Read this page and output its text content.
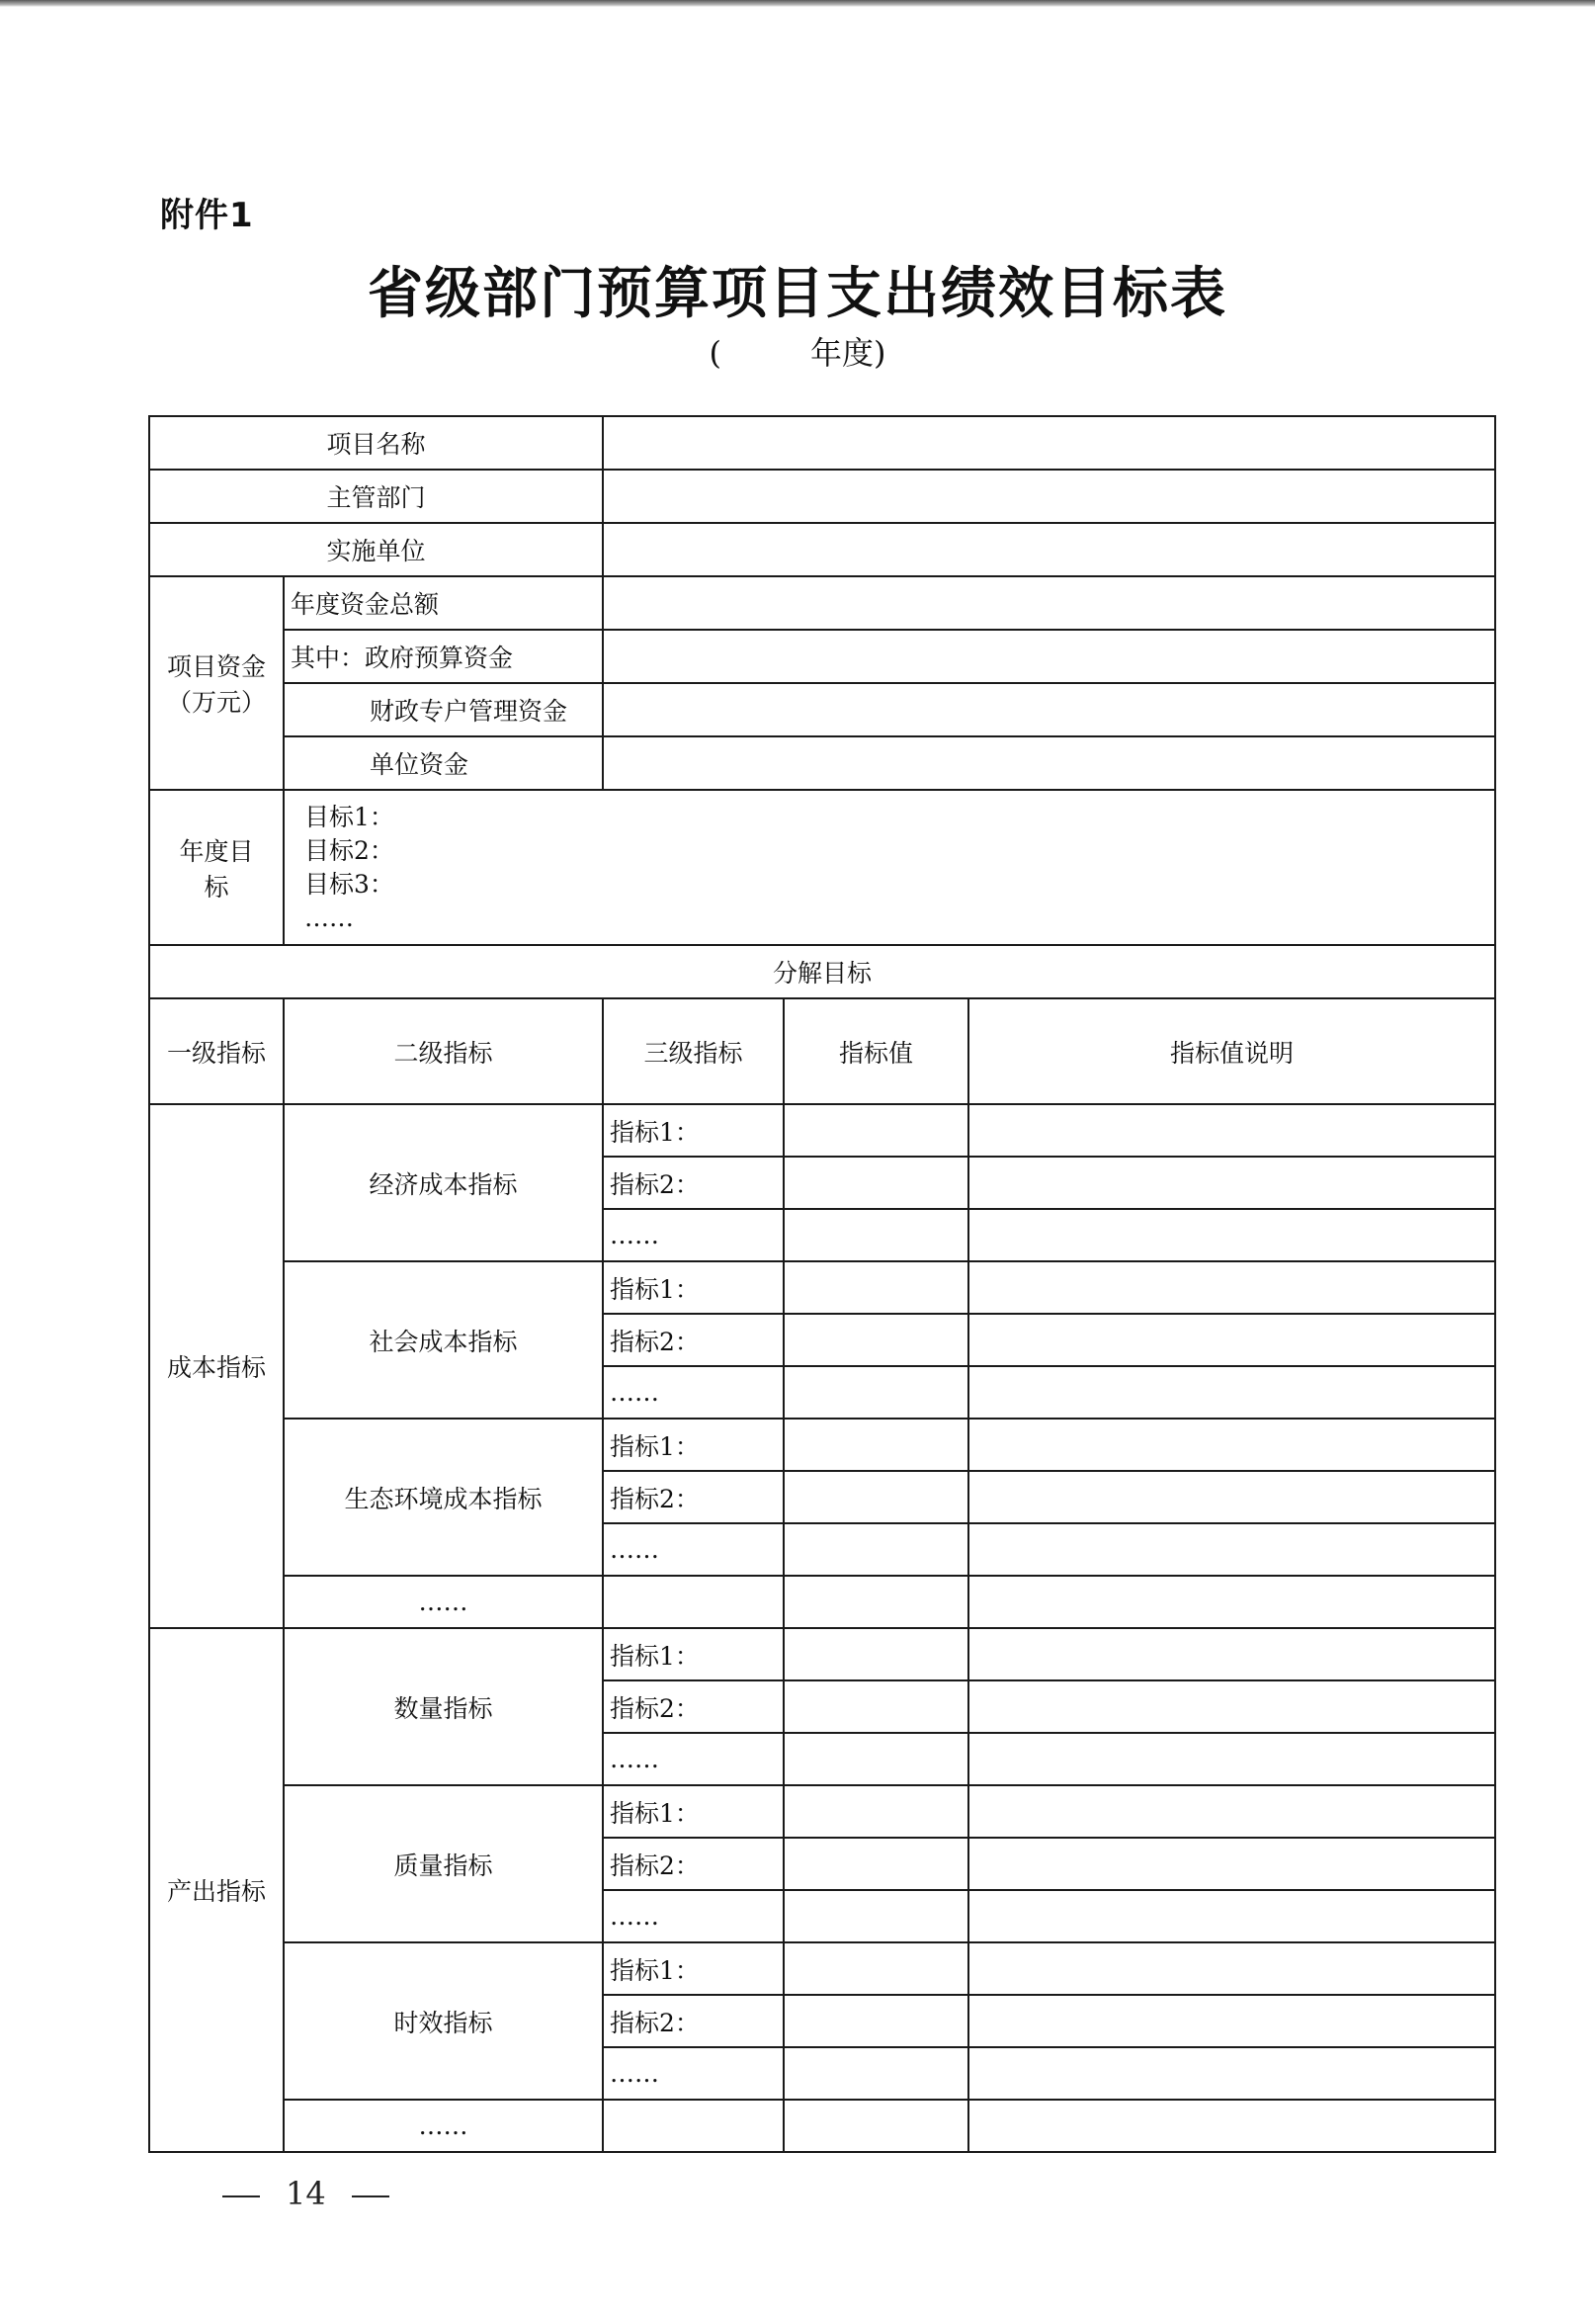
附件1
省级部门预算项目支出绩效目标表
(	年度)
项目名称				
主管部门				
实施单位				
项目资金（万元）	年度资金总额			
	其中：政府预算资金			
	财政专户管理资金			
	单位资金			

年度目标	目标1：
目标2：
目标3：
……			

分解目标				
一级指标	二级指标	三级指标	指标值	指标值说明
成本指标	经济成本指标	指标1：		
		指标2：		
		……		
	社会成本指标	指标1：		
		指标2：		
		……		
	生态环境成本指标	指标1：		
		指标2：		
		……		
	……			
产出指标	数量指标	指标1：		
		指标2：		
		……		
	质量指标	指标1：		
		指标2：		
		……		
	时效指标	指标1：		
		指标2：		
		……		
	……			
14
